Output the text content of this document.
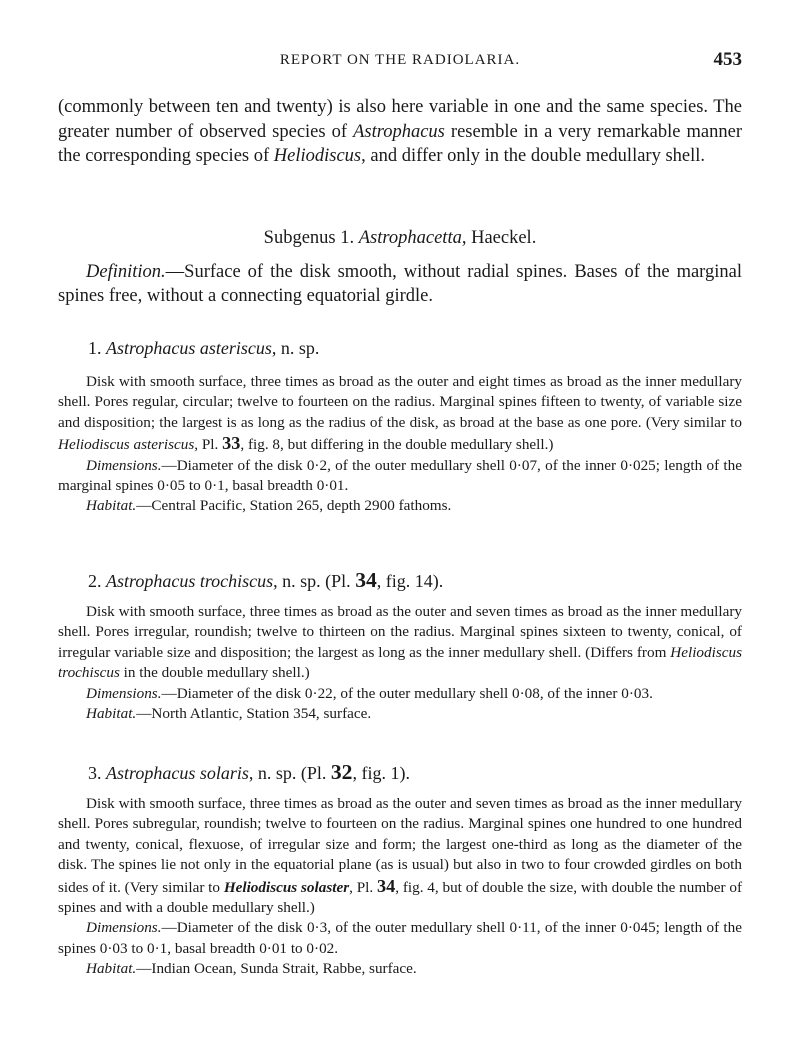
REPORT ON THE RADIOLARIA.	453
(commonly between ten and twenty) is also here variable in one and the same species. The greater number of observed species of Astrophacus resemble in a very remarkable manner the corresponding species of Heliodiscus, and differ only in the double medullary shell.
Subgenus 1. Astrophacetta, Haeckel.
Definition.—Surface of the disk smooth, without radial spines. Bases of the marginal spines free, without a connecting equatorial girdle.
1. Astrophacus asteriscus, n. sp.

Disk with smooth surface, three times as broad as the outer and eight times as broad as the inner medullary shell. Pores regular, circular; twelve to fourteen on the radius. Marginal spines fifteen to twenty, of variable size and disposition; the largest is as long as the radius of the disk, as broad at the base as one pore. (Very similar to Heliodiscus asteriscus, Pl. 33, fig. 8, but differing in the double medullary shell.)

Dimensions.—Diameter of the disk 0·2, of the outer medullary shell 0·07, of the inner 0·025; length of the marginal spines 0·05 to 0·1, basal breadth 0·01.

Habitat.—Central Pacific, Station 265, depth 2900 fathoms.

2. Astrophacus trochiscus, n. sp. (Pl. 34, fig. 14).

Disk with smooth surface, three times as broad as the outer and seven times as broad as the inner medullary shell. Pores irregular, roundish; twelve to thirteen on the radius. Marginal spines sixteen to twenty, conical, of irregular variable size and disposition; the largest as long as the inner medullary shell. (Differs from Heliodiscus trochiscus in the double medullary shell.)

Dimensions.—Diameter of the disk 0·22, of the outer medullary shell 0·08, of the inner 0·03.

Habitat.—North Atlantic, Station 354, surface.

3. Astrophacus solaris, n. sp. (Pl. 32, fig. 1).

Disk with smooth surface, three times as broad as the outer and seven times as broad as the inner medullary shell. Pores subregular, roundish; twelve to fourteen on the radius. Marginal spines one hundred to one hundred and twenty, conical, flexuose, of irregular size and form; the largest one-third as long as the diameter of the disk. The spines lie not only in the equatorial plane (as is usual) but also in two to four crowded girdles on both sides of it. (Very similar to Heliodiscus solaster, Pl. 34, fig. 4, but of double the size, with double the number of spines and with a double medullary shell.)

Dimensions.—Diameter of the disk 0·3, of the outer medullary shell 0·11, of the inner 0·045; length of the spines 0·03 to 0·1, basal breadth 0·01 to 0·02.

Habitat.—Indian Ocean, Sunda Strait, Rabbe, surface.
